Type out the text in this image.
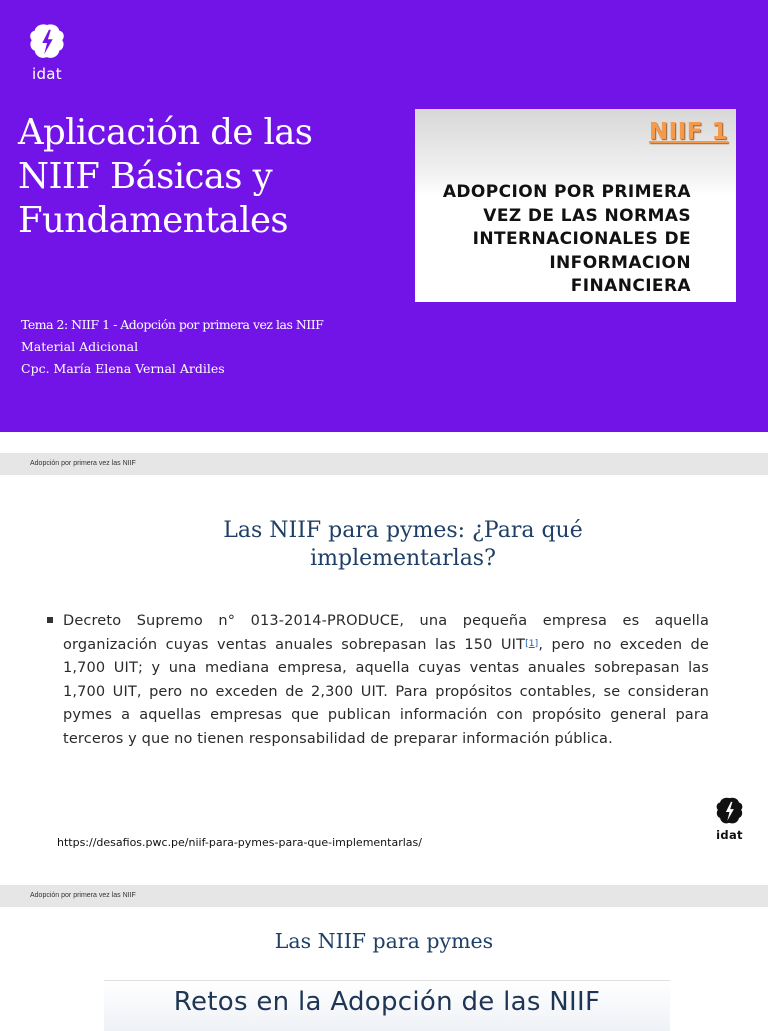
idat
Aplicación de las
NIIF Básicas y
Fundamentales
Tema 2: NIIF 1 - Adopción por primera vez las NIIF
Material Adicional
Cpc. María Elena Vernal Ardiles
NIIF 1
ADOPCION POR PRIMERA
VEZ DE LAS NORMAS
INTERNACIONALES DE
INFORMACION
FINANCIERA
Adopción por primera vez las NIIF
Las NIIF para pymes: ¿Para qué
implementarlas?

Decreto Supremo n° 013-2014-PRODUCE, una pequeña empresa es aquella organización cuyas ventas anuales sobrepasan las 150 UIT[1], pero no exceden de 1,700 UIT; y una mediana empresa, aquella cuyas ventas anuales sobrepasan las 1,700 UIT, pero no exceden de 2,300 UIT. Para propósitos contables, se consideran pymes a aquellas empresas que publican información con propósito general para terceros y que no tienen responsabilidad de preparar información pública.

idat
https://desafios.pwc.pe/niif-para-pymes-para-que-implementarlas/
Adopción por primera vez las NIIF
Las NIIF para pymes
Retos en la Adopción de las NIIF
